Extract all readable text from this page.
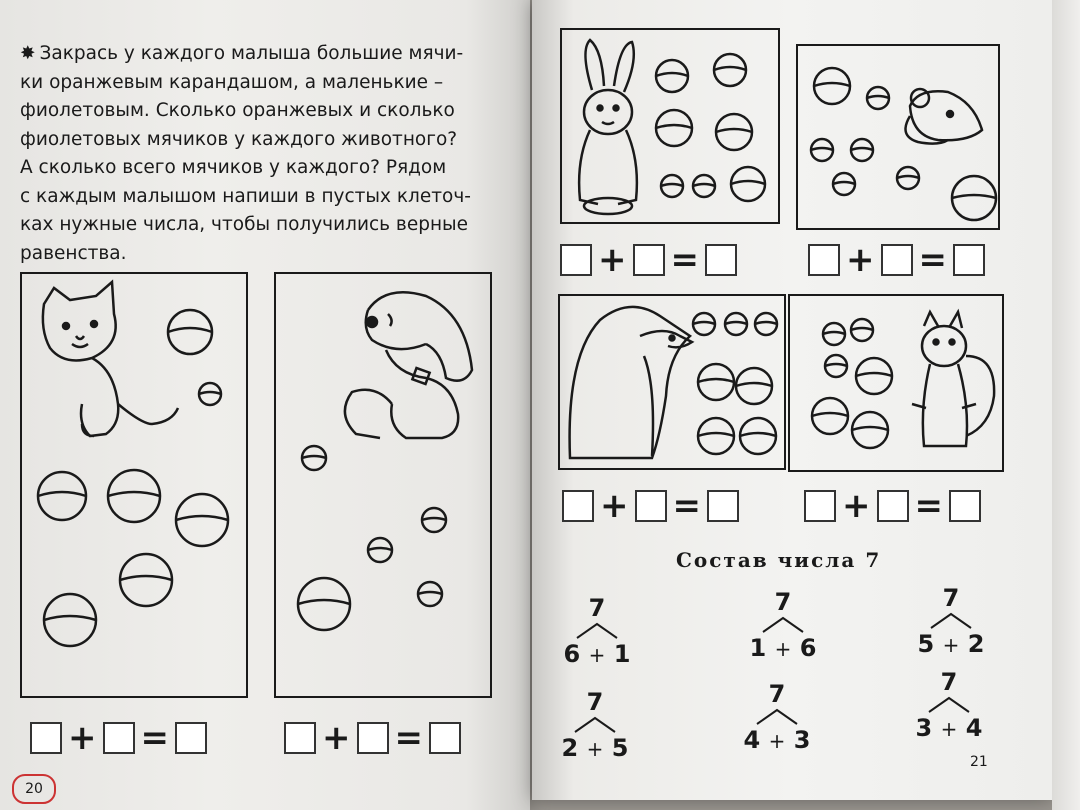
✸ Закрась у каждого малыша большие мячи-
ки оранжевым карандашом, а маленькие –
фиолетовым. Сколько оранжевых и сколько
фиолетовых мячиков у каждого животного?
А сколько всего мячиков у каждого? Рядом
с каждым малышом напиши в пустых клеточ-
ках нужные числа, чтобы получились верные
равенства.
+ =	+ =
20
+ =	+ =
+ =	+ =
Состав числа 7
7
6 + 1
7
1 + 6
7
5 + 2
7
2 + 5
7
4 + 3
7
3 + 4
21
